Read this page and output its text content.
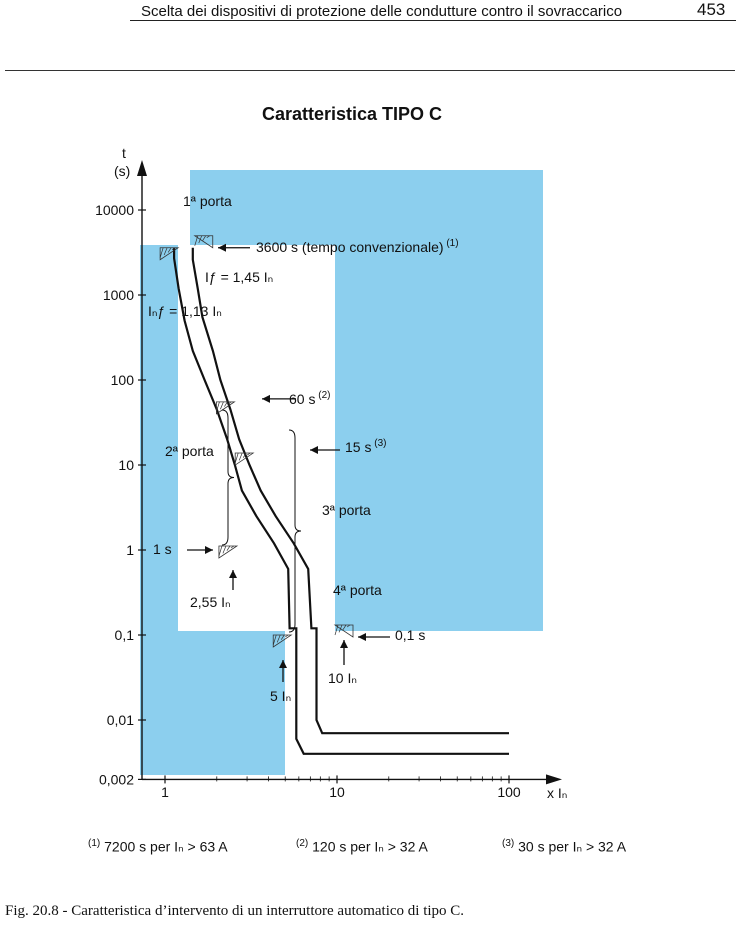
Scelta dei dispositivi di protezione delle condutture contro il sovraccarico	453
Caratteristica TIPO C
t
(s)
x Iₙ
10000
1000
100
10
1
0,1
0,01
0,002
1	10	100
1ª porta
3600 s (tempo convenzionale) $^{(1)}$
Iƒ = 1,45 Iₙ
Iₙƒ = 1,13 Iₙ
60 s $^{(2)}$
15 s $^{(3)}$
2ª porta
3ª porta
1 s
2,55 Iₙ
4ª porta
0,1 s
10 Iₙ
5 Iₙ
$^{(1)}$ 7200 s per Iₙ > 63 A	$^{(2)}$ 120 s per Iₙ > 32 A	$^{(3)}$ 30 s per Iₙ > 32 A
Fig. 20.8 - Caratteristica d’intervento di un interruttore automatico di tipo C.
